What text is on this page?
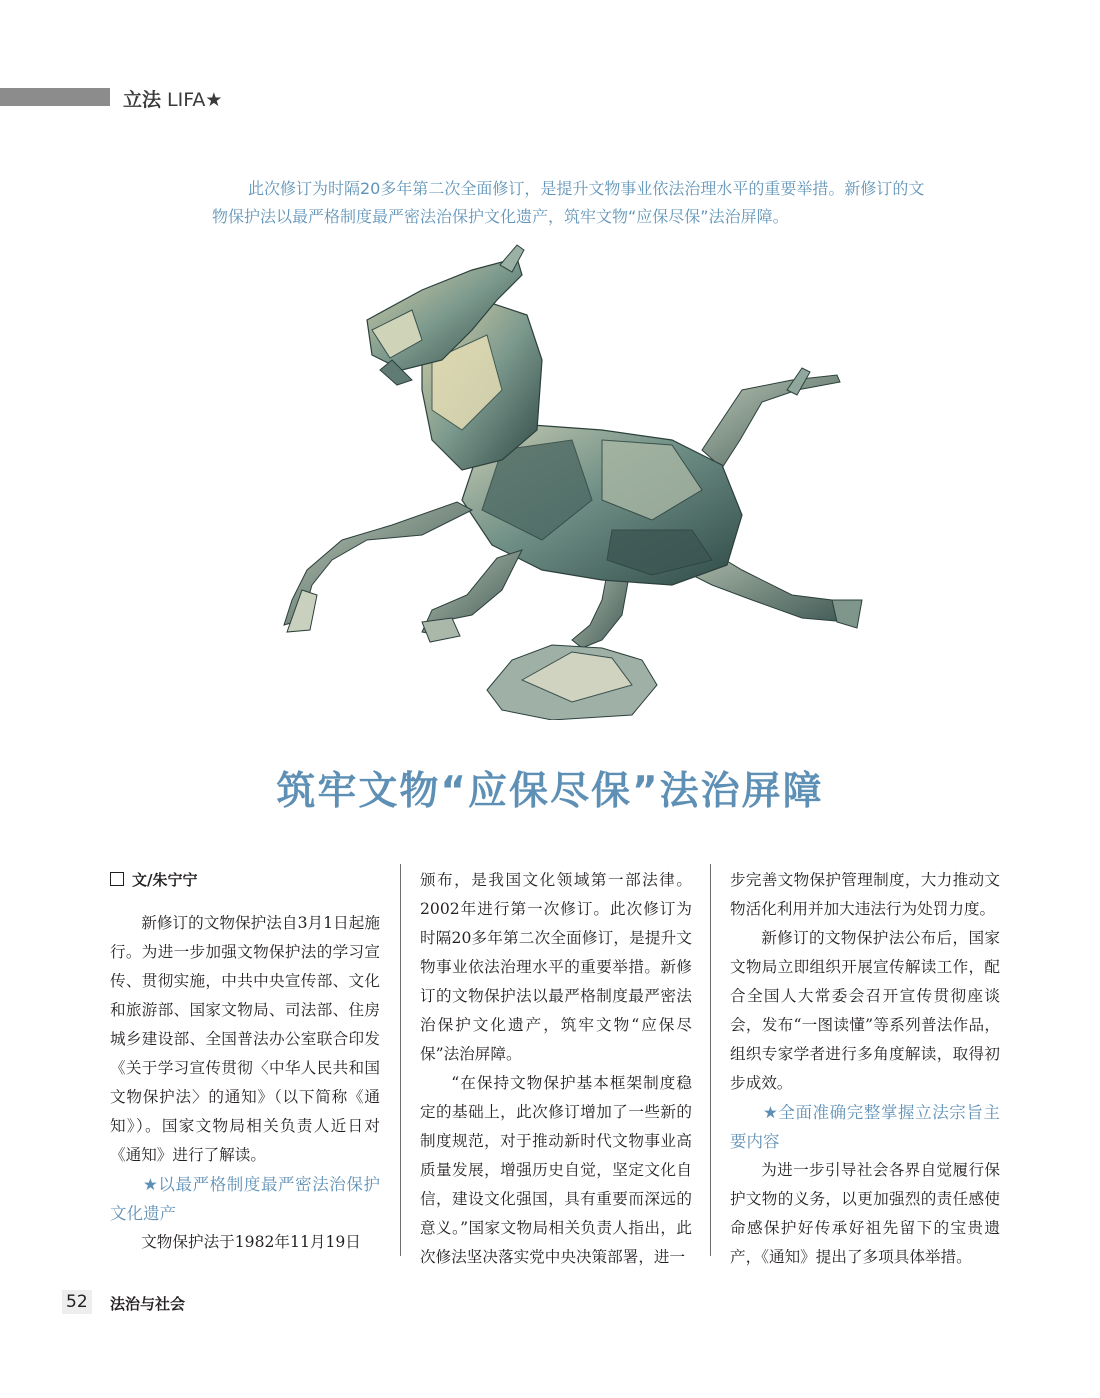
立法 LIFA★

此次修订为时隔20多年第二次全面修订，是提升文物事业依法治理水平的重要举措。新修订的文物保护法以最严格制度最严密法治保护文化遗产，筑牢文物“应保尽保”法治屏障。

筑牢文物“应保尽保”法治屏障

文/朱宁宁

新修订的文物保护法自3月1日起施行。为进一步加强文物保护法的学习宣传、贯彻实施，中共中央宣传部、文化和旅游部、国家文物局、司法部、住房城乡建设部、全国普法办公室联合印发《关于学习宣传贯彻〈中华人民共和国文物保护法〉的通知》（以下简称《通知》）。国家文物局相关负责人近日对《通知》进行了解读。

★以最严格制度最严密法治保护文化遗产

文物保护法于1982年11月19日

颁布，是我国文化领域第一部法律。2002年进行第一次修订。此次修订为时隔20多年第二次全面修订，是提升文物事业依法治理水平的重要举措。新修订的文物保护法以最严格制度最严密法治保护文化遗产，筑牢文物“应保尽保”法治屏障。

“在保持文物保护基本框架制度稳定的基础上，此次修订增加了一些新的制度规范，对于推动新时代文物事业高质量发展，增强历史自觉，坚定文化自信，建设文化强国，具有重要而深远的意义。”国家文物局相关负责人指出，此次修法坚决落实党中央决策部署，进一

步完善文物保护管理制度，大力推动文物活化利用并加大违法行为处罚力度。

新修订的文物保护法公布后，国家文物局立即组织开展宣传解读工作，配合全国人大常委会召开宣传贯彻座谈会，发布“一图读懂”等系列普法作品，组织专家学者进行多角度解读，取得初步成效。

★全面准确完整掌握立法宗旨主要内容

为进一步引导社会各界自觉履行保护文物的义务，以更加强烈的责任感使命感保护好传承好祖先留下的宝贵遗产，《通知》提出了多项具体举措。

52 法治与社会
